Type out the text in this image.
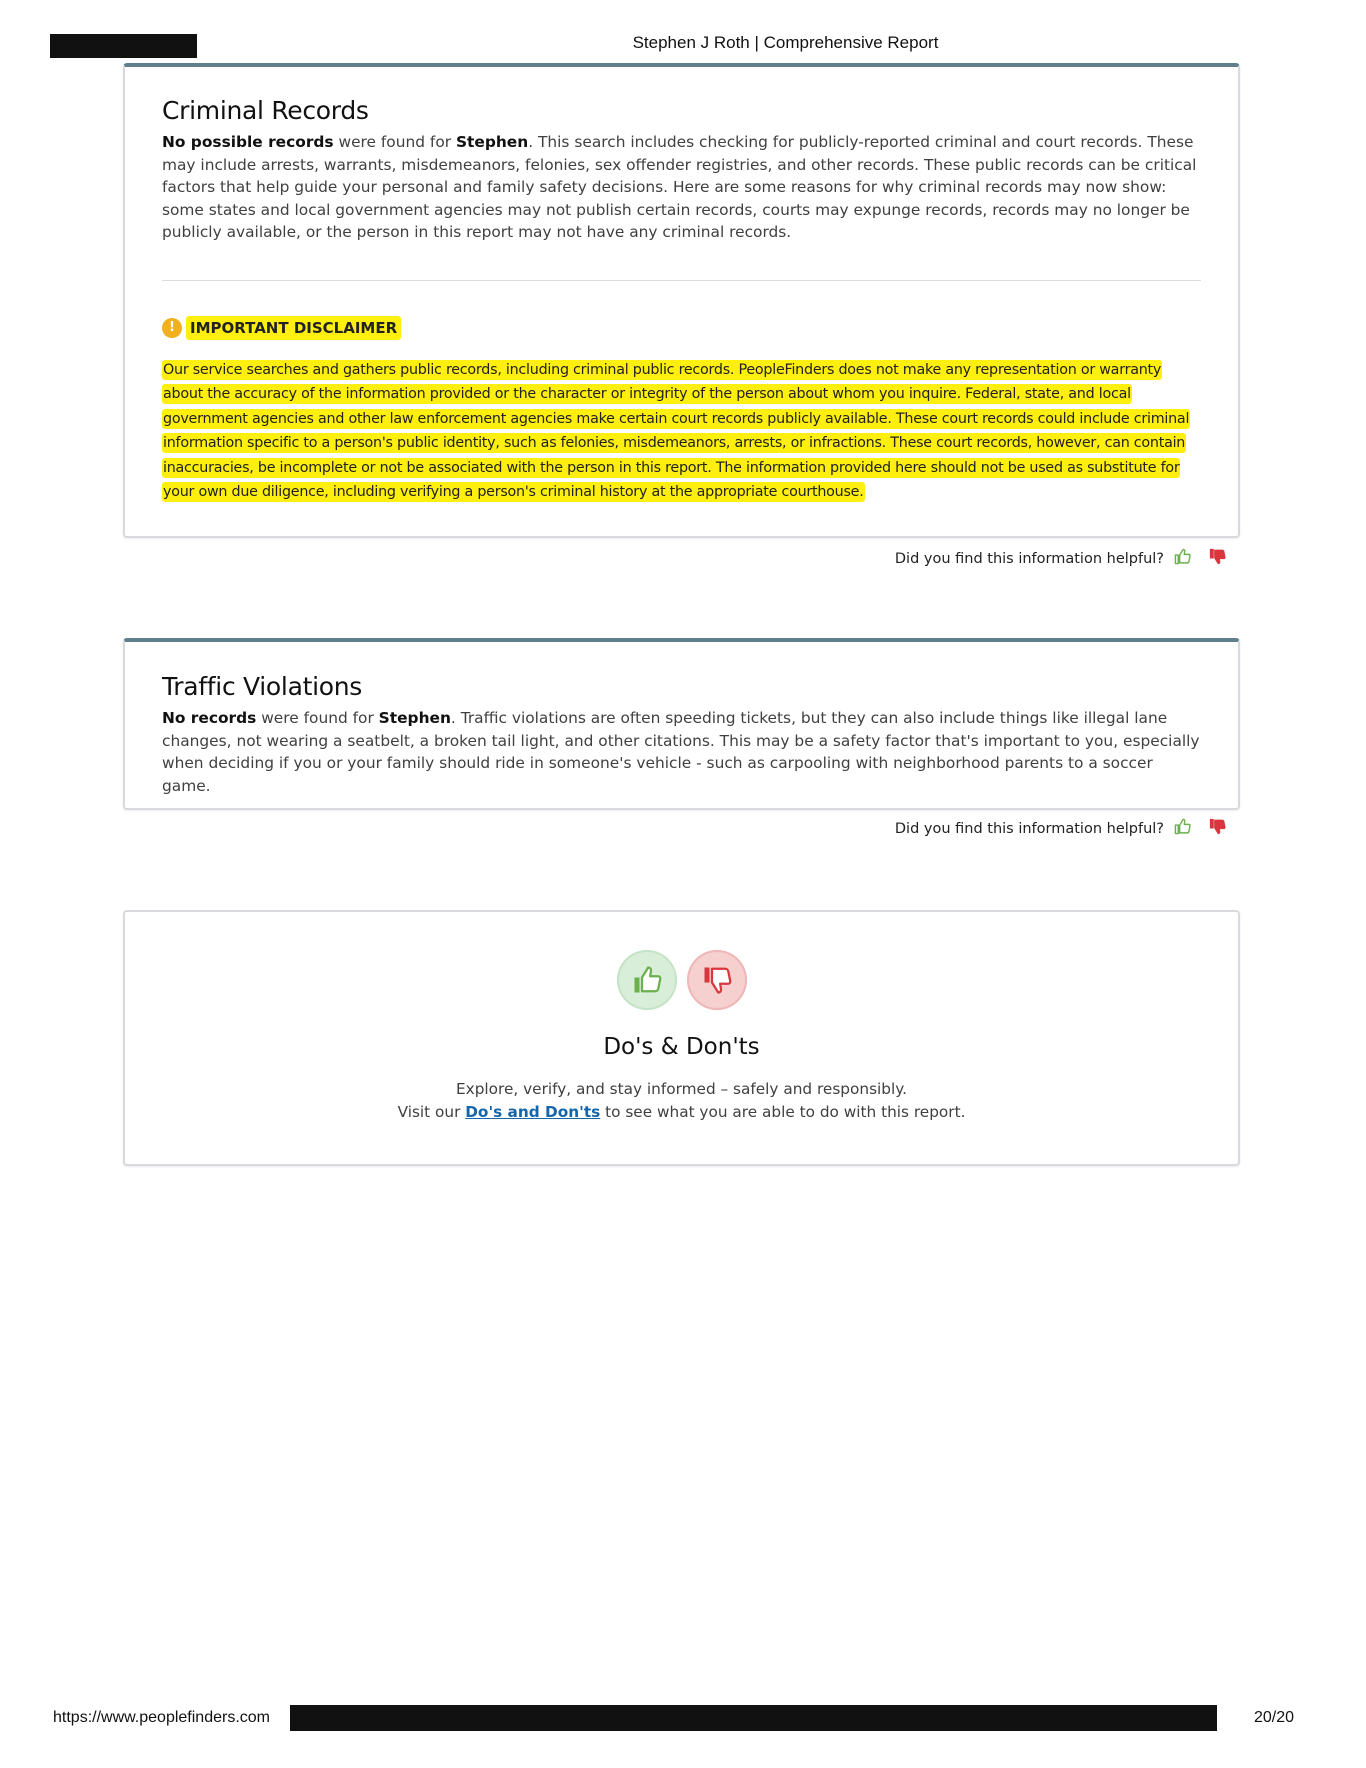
Stephen J Roth | Comprehensive Report
Criminal Records

No possible records were found for Stephen. This search includes checking for publicly-reported criminal and court records. These may include arrests, warrants, misdemeanors, felonies, sex offender registries, and other records. These public records can be critical factors that help guide your personal and family safety decisions. Here are some reasons for why criminal records may now show: some states and local government agencies may not publish certain records, courts may expunge records, records may no longer be publicly available, or the person in this report may not have any criminal records.

!	IMPORTANT DISCLAIMER
Our service searches and gathers public records, including criminal public records. PeopleFinders does not make any representation or warranty about the accuracy of the information provided or the character or integrity of the person about whom you inquire. Federal, state, and local government agencies and other law enforcement agencies make certain court records publicly available. These court records could include criminal information specific to a person's public identity, such as felonies, misdemeanors, arrests, or infractions. These court records, however, can contain inaccuracies, be incomplete or not be associated with the person in this report. The information provided here should not be used as substitute for your own due diligence, including verifying a person's criminal history at the appropriate courthouse.
Did you find this information helpful?
Traffic Violations

No records were found for Stephen. Traffic violations are often speeding tickets, but they can also include things like illegal lane changes, not wearing a seatbelt, a broken tail light, and other citations. This may be a safety factor that's important to you, especially when deciding if you or your family should ride in someone's vehicle - such as carpooling with neighborhood parents to a soccer game.

Did you find this information helpful?
Do's & Don'ts
Explore, verify, and stay informed – safely and responsibly.
Visit our Do's and Don'ts to see what you are able to do with this report.
https://www.peoplefinders.com	20/20
